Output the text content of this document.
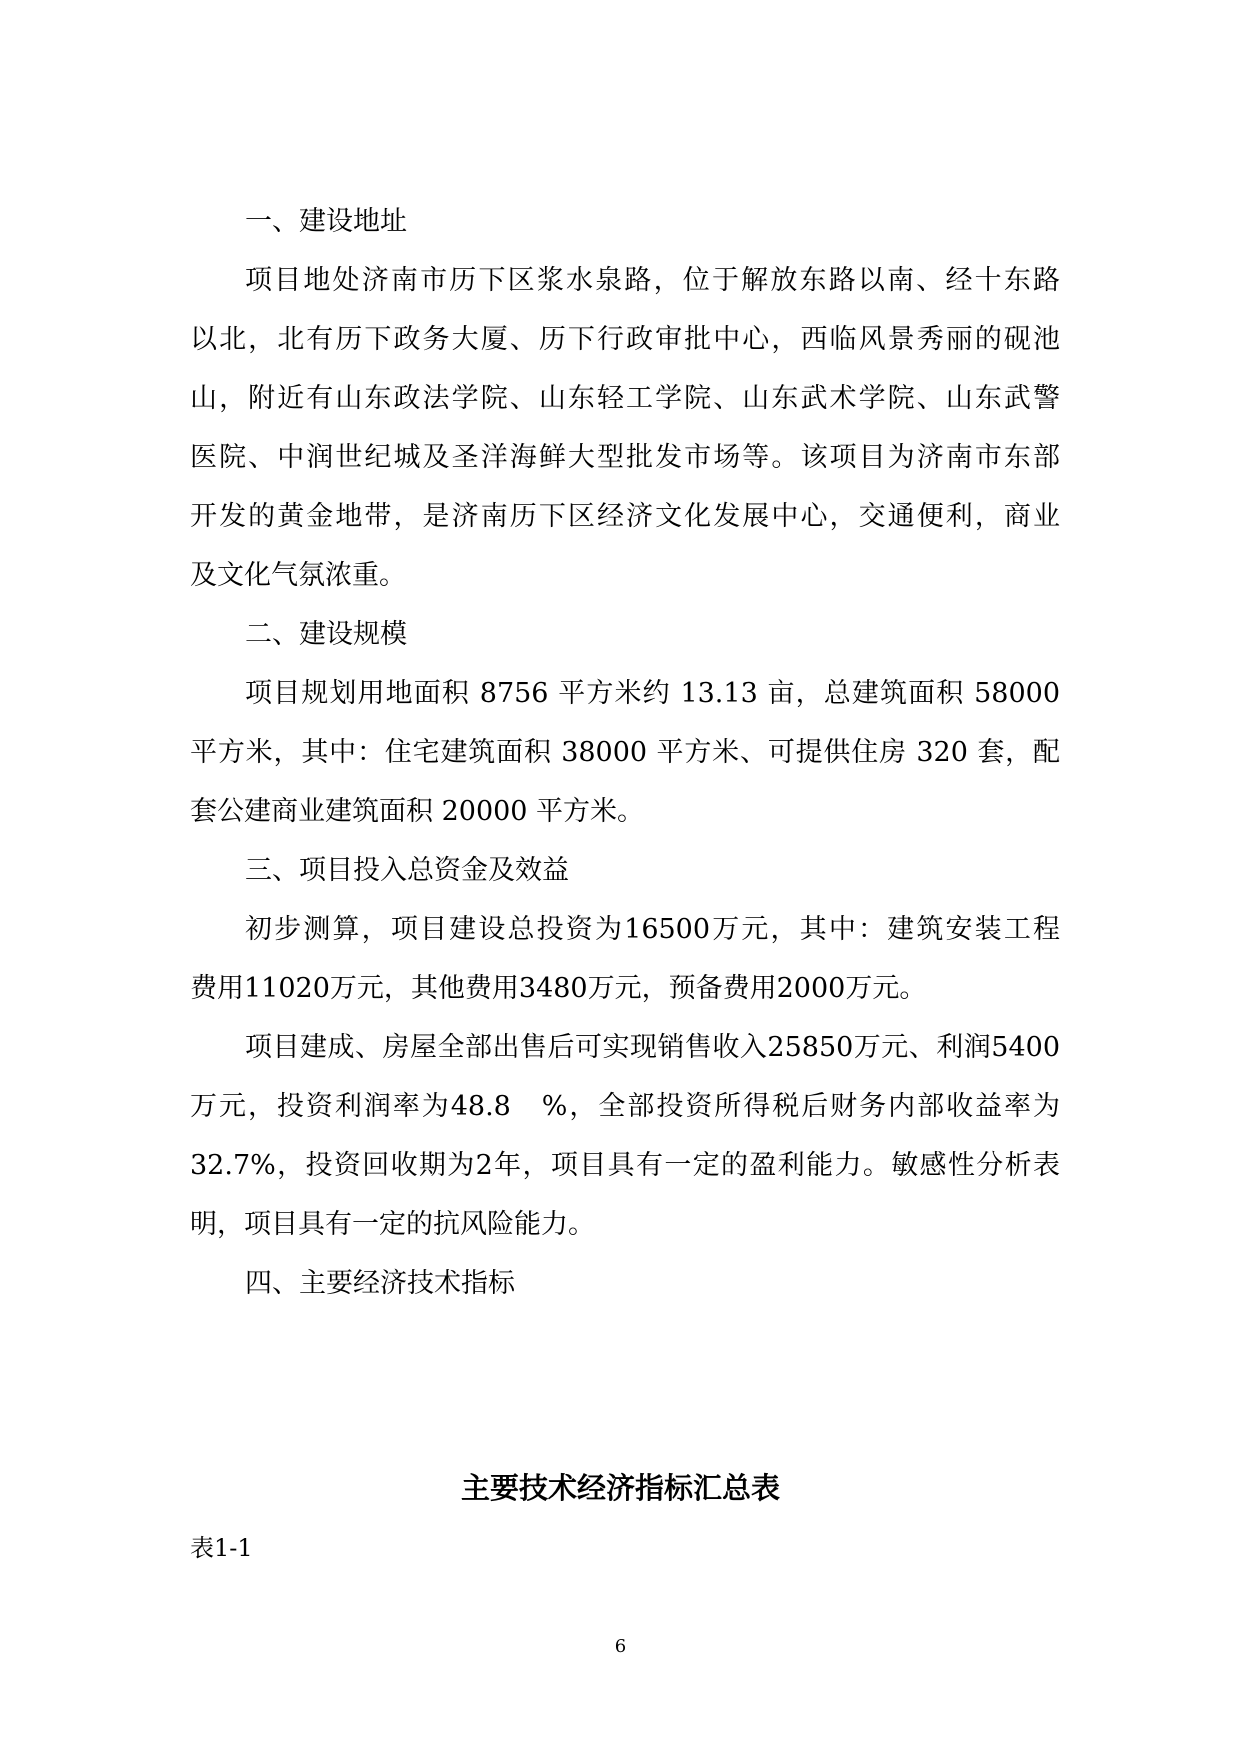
一、建设地址
项目地处济南市历下区浆水泉路，位于解放东路以南、经十东路
以北，北有历下政务大厦、历下行政审批中心，西临风景秀丽的砚池
山，附近有山东政法学院、山东轻工学院、山东武术学院、山东武警
医院、中润世纪城及圣洋海鲜大型批发市场等。该项目为济南市东部
开发的黄金地带，是济南历下区经济文化发展中心，交通便利，商业
及文化气氛浓重。
二、建设规模
项目规划用地面积 8756 平方米约 13.13 亩，总建筑面积 58000
平方米，其中：住宅建筑面积 38000 平方米、可提供住房 320 套，配
套公建商业建筑面积 20000 平方米。
三、项目投入总资金及效益
初步测算，项目建设总投资为16500万元，其中：建筑安装工程
费用11020万元，其他费用3480万元，预备费用2000万元。
项目建成、房屋全部出售后可实现销售收入25850万元、利润5400
万元，投资利润率为48.8　%，全部投资所得税后财务内部收益率为
32.7%，投资回收期为2年，项目具有一定的盈利能力。敏感性分析表
明，项目具有一定的抗风险能力。
四、主要经济技术指标
主要技术经济指标汇总表
表1-1
6
